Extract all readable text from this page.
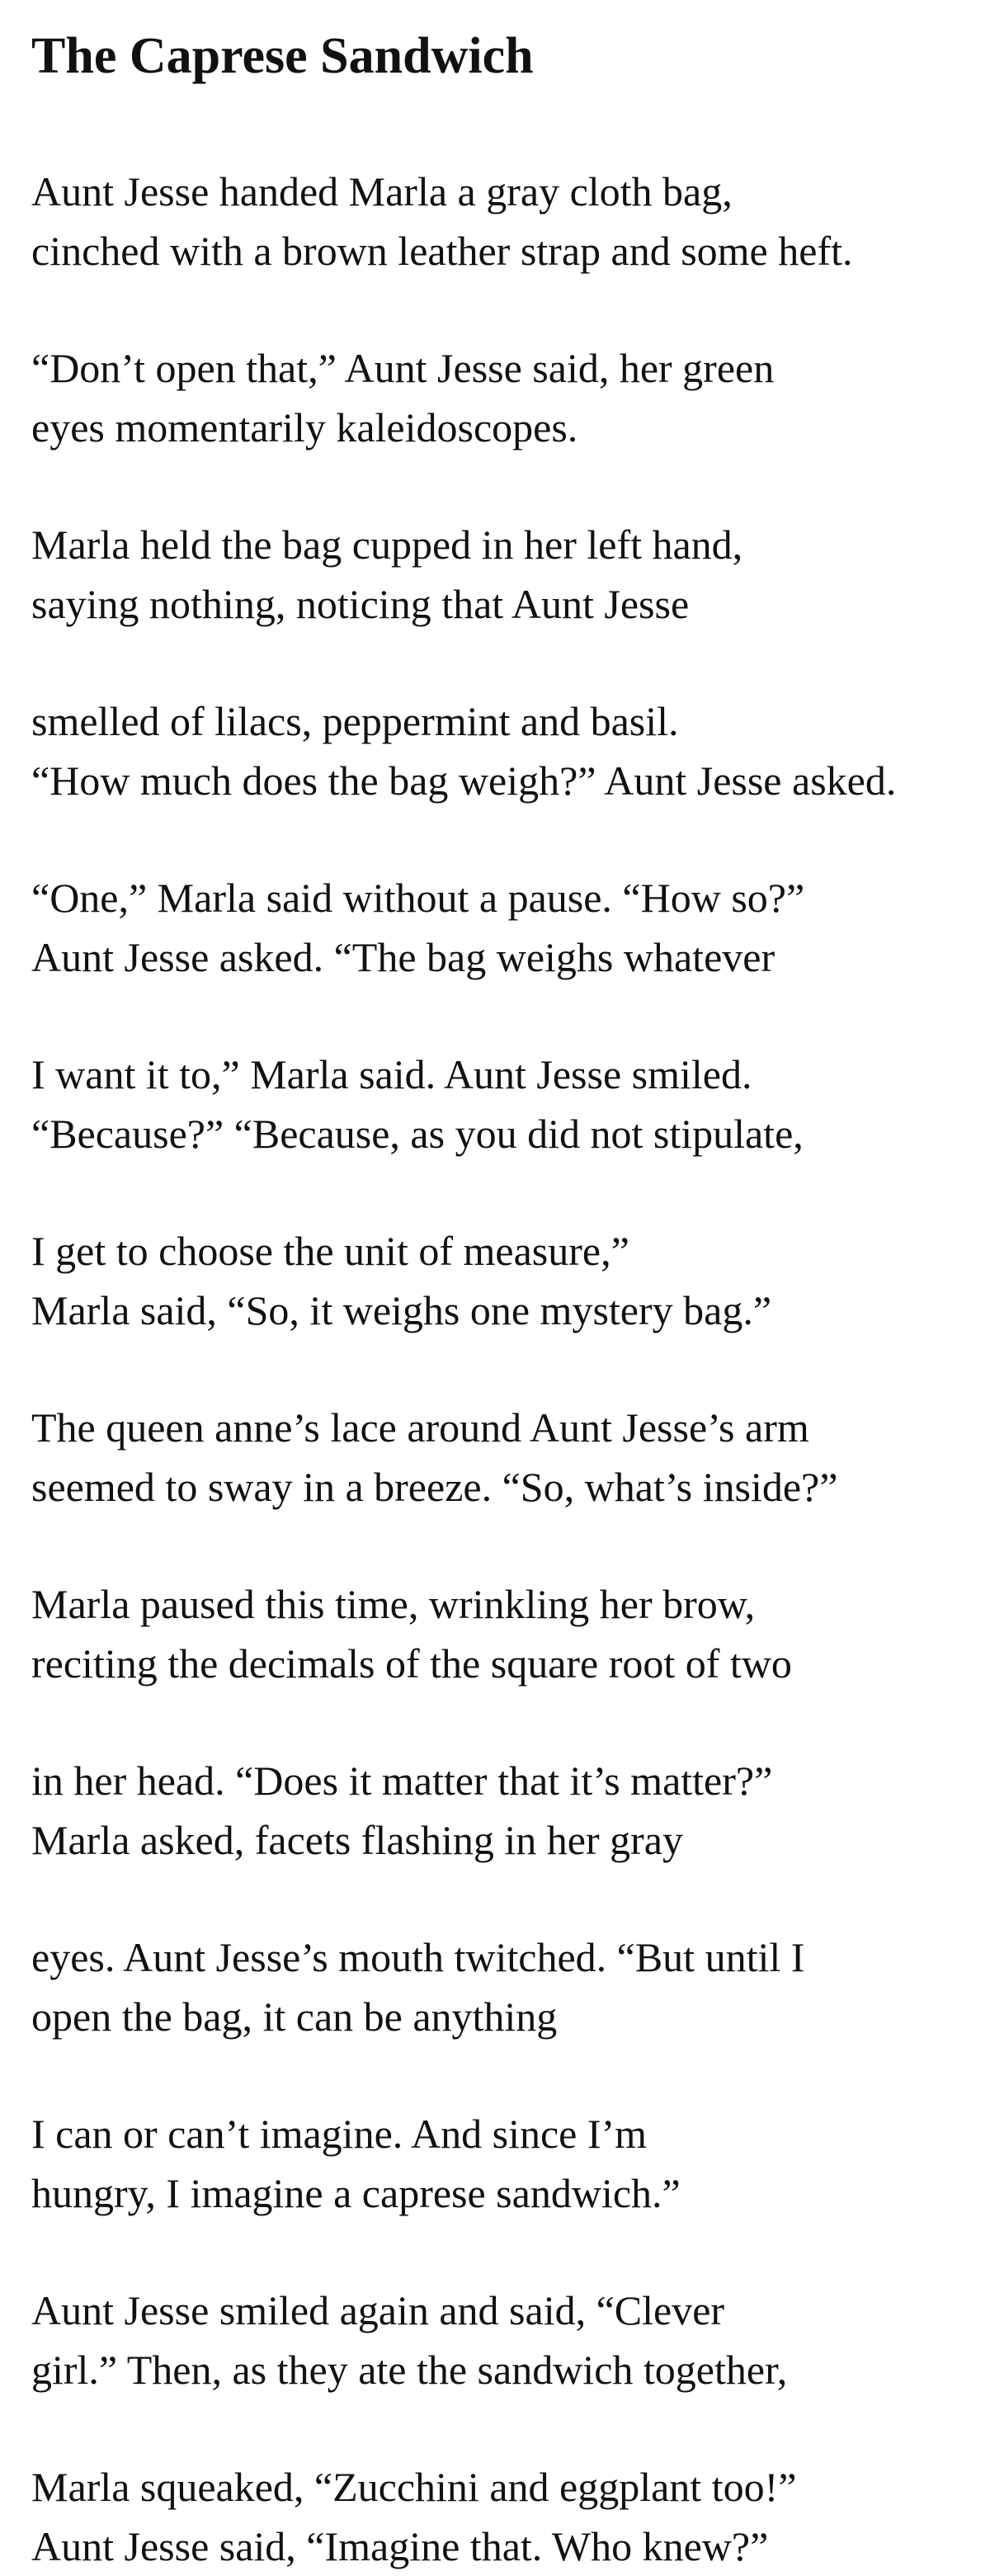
The Caprese Sandwich
Aunt Jesse handed Marla a gray cloth bag,
cinched with a brown leather strap and some heft.
“Don’t open that,” Aunt Jesse said, her green
eyes momentarily kaleidoscopes.
Marla held the bag cupped in her left hand,
saying nothing, noticing that Aunt Jesse
smelled of lilacs, peppermint and basil.
“How much does the bag weigh?” Aunt Jesse asked.
“One,” Marla said without a pause. “How so?”
Aunt Jesse asked. “The bag weighs whatever
I want it to,” Marla said. Aunt Jesse smiled.
“Because?” “Because, as you did not stipulate,
I get to choose the unit of measure,”
Marla said, “So, it weighs one mystery bag.”
The queen anne’s lace around Aunt Jesse’s arm
seemed to sway in a breeze. “So, what’s inside?”
Marla paused this time, wrinkling her brow,
reciting the decimals of the square root of two
in her head. “Does it matter that it’s matter?”
Marla asked, facets flashing in her gray
eyes. Aunt Jesse’s mouth twitched. “But until I
open the bag, it can be anything
I can or can’t imagine. And since I’m
hungry, I imagine a caprese sandwich.”
Aunt Jesse smiled again and said, “Clever
girl.” Then, as they ate the sandwich together,
Marla squeaked, “Zucchini and eggplant too!”
Aunt Jesse said, “Imagine that. Who knew?”
